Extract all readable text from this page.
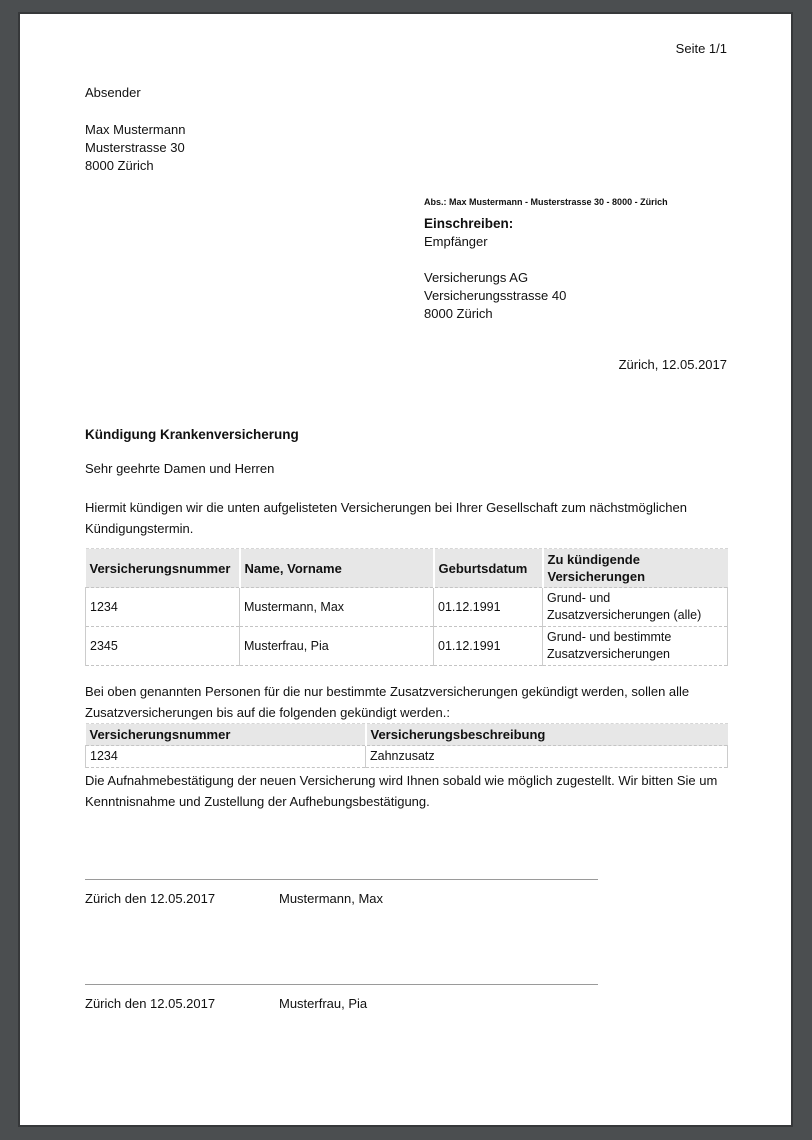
Seite 1/1
Absender
Max Mustermann
Musterstrasse 30
8000 Zürich
Abs.: Max Mustermann - Musterstrasse 30 - 8000 - Zürich
Einschreiben:
Empfänger
Versicherungs AG
Versicherungsstrasse 40
8000 Zürich
Zürich, 12.05.2017
Kündigung Krankenversicherung
Sehr geehrte Damen und Herren

Hiermit kündigen wir die unten aufgelisteten Versicherungen bei Ihrer Gesellschaft zum nächstmöglichen Kündigungstermin.

Versicherungsnummer	Name, Vorname	Geburtsdatum	Zu kündigende Versicherungen
1234	Mustermann, Max	01.12.1991	Grund- und Zusatzversicherungen (alle)
2345	Musterfrau, Pia	01.12.1991	Grund- und bestimmte Zusatzversicherungen

Bei oben genannten Personen für die nur bestimmte Zusatzversicherungen gekündigt werden, sollen alle Zusatzversicherungen bis auf die folgenden gekündigt werden.:

Versicherungsnummer	Versicherungsbeschreibung
1234	Zahnzusatz

Die Aufnahmebestätigung der neuen Versicherung wird Ihnen sobald wie möglich zugestellt. Wir bitten Sie um Kenntnisnahme und Zustellung der Aufhebungsbestätigung.

Zürich den 12.05.2017	Mustermann, Max
Zürich den 12.05.2017	Musterfrau, Pia
